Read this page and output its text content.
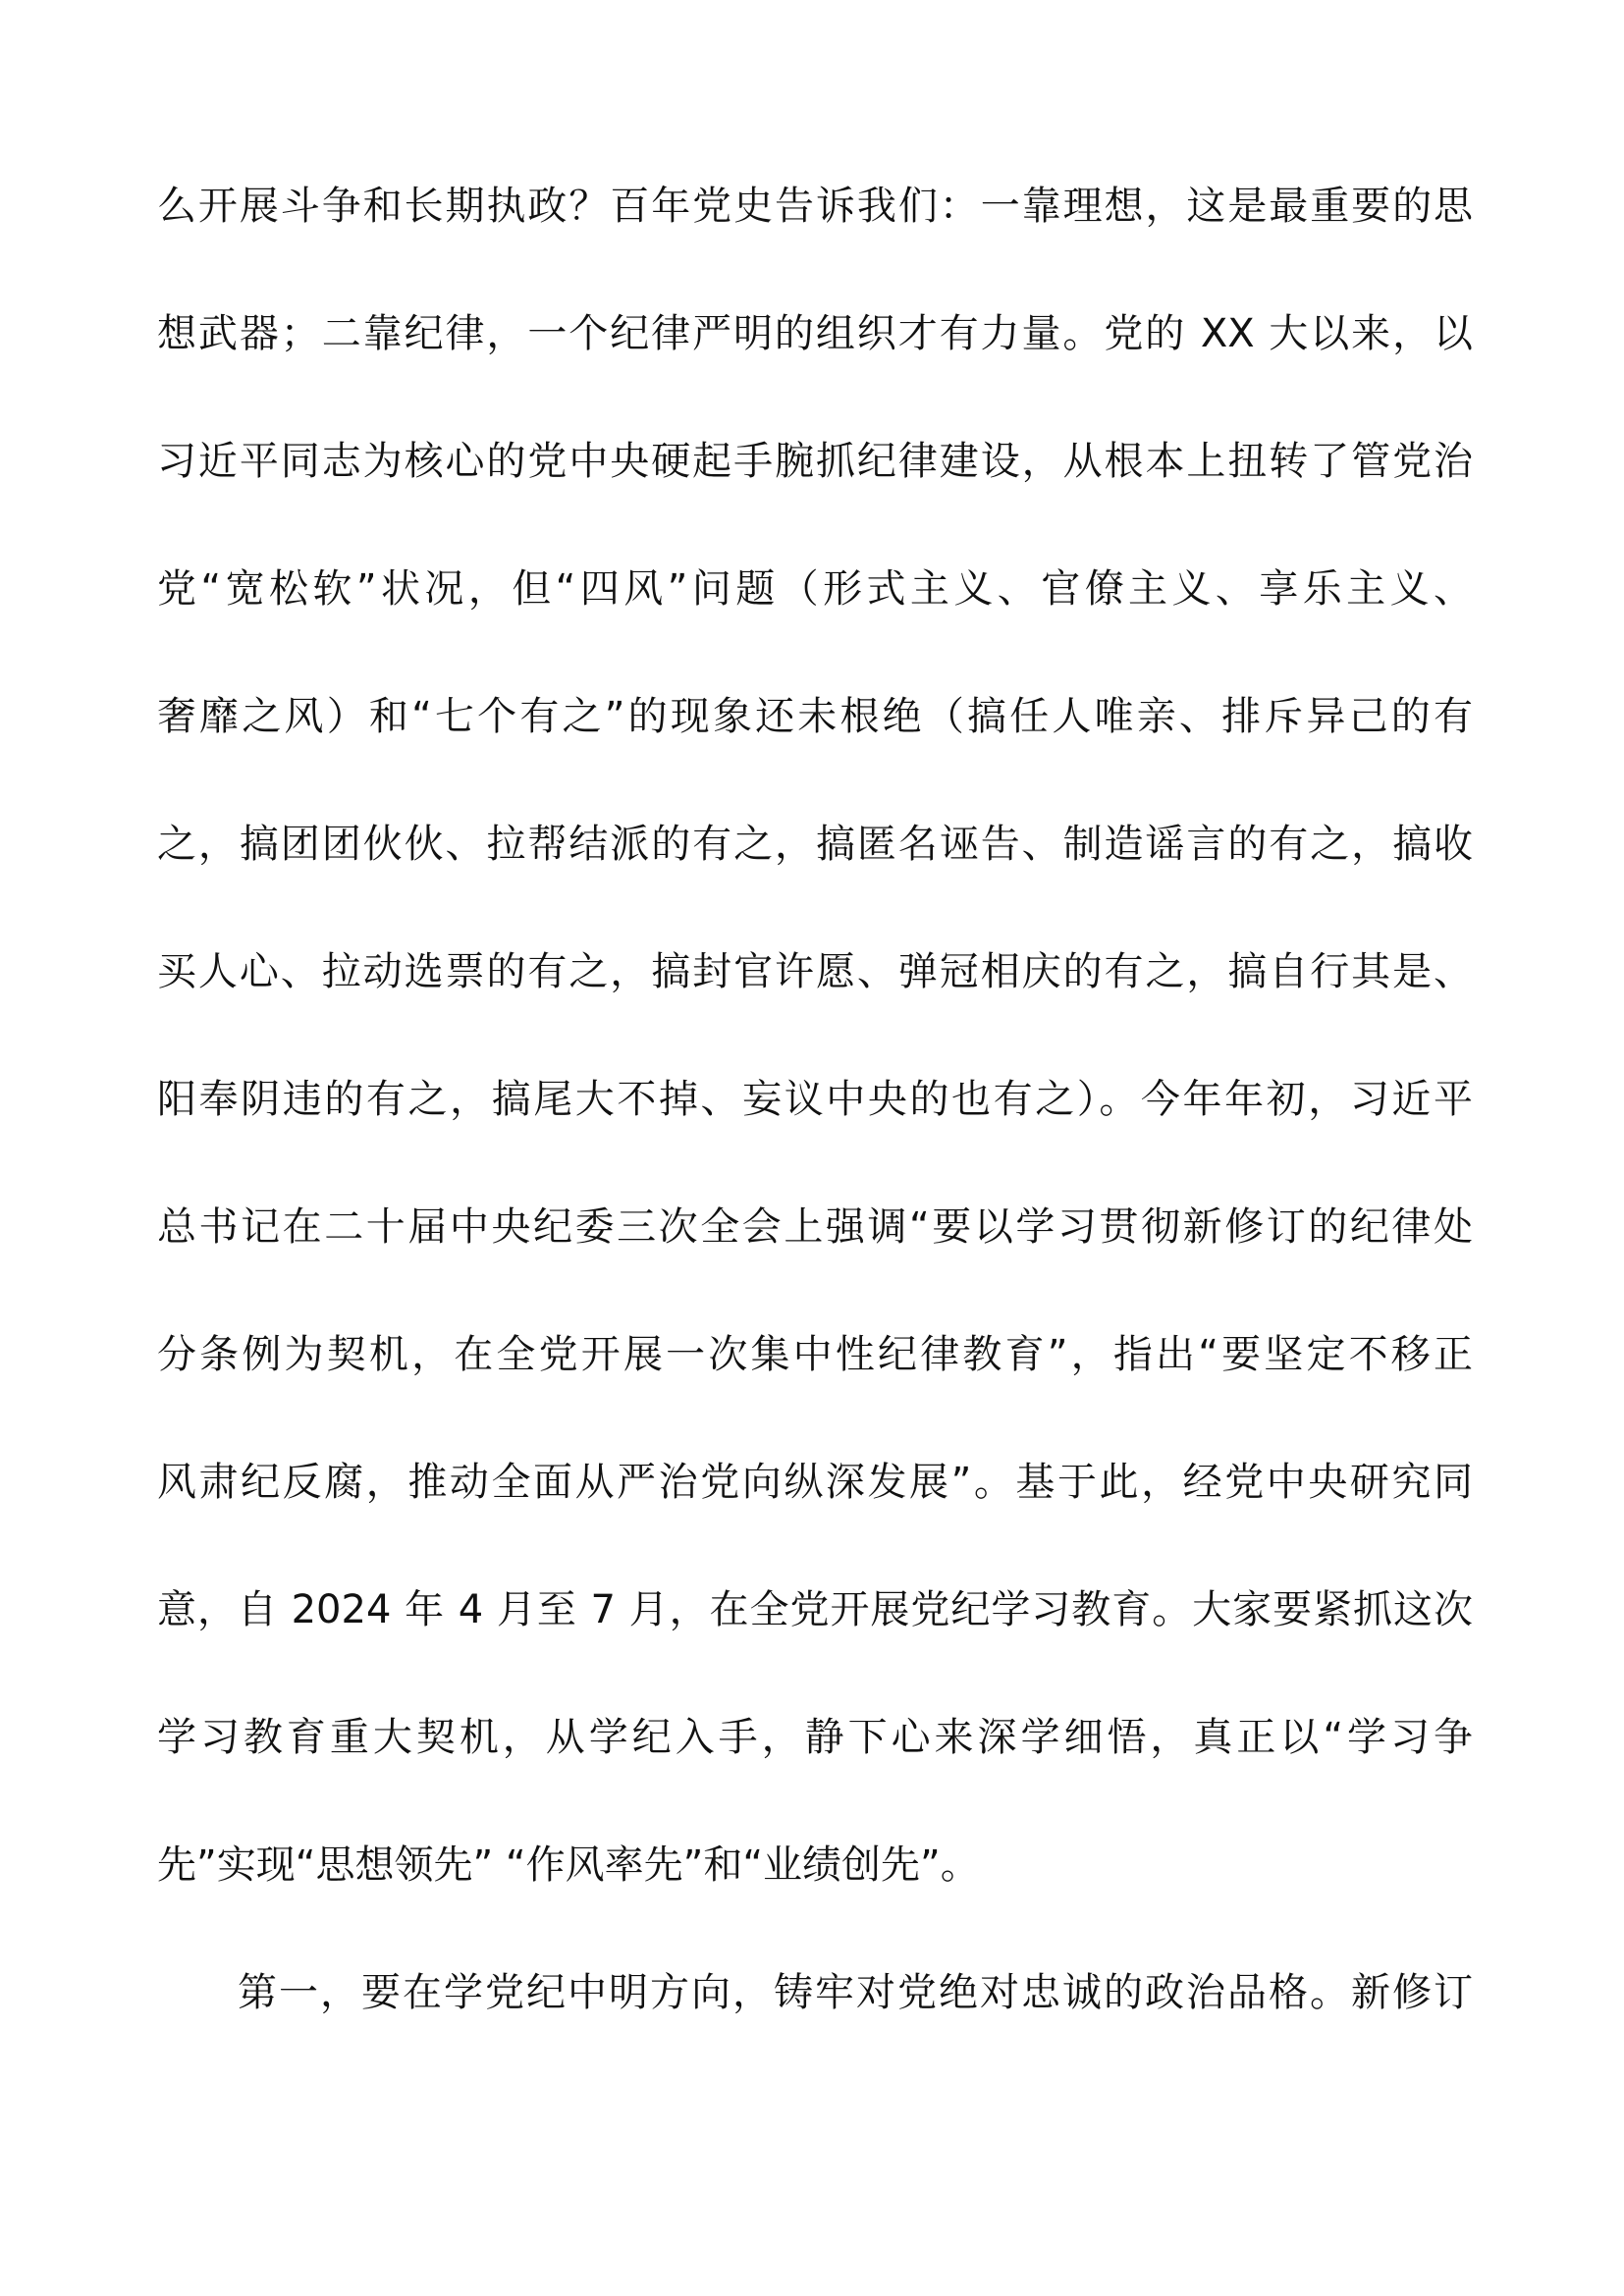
么开展斗争和长期执政？百年党史告诉我们：一靠理想，这是最重要的思
想武器；二靠纪律，一个纪律严明的组织才有力量。党的 XX 大以来，以
习近平同志为核心的党中央硬起手腕抓纪律建设，从根本上扭转了管党治
党“宽松软”状况，但“四风”问题（形式主义、官僚主义、享乐主义、
奢靡之风）和“七个有之”的现象还未根绝（搞任人唯亲、排斥异己的有
之，搞团团伙伙、拉帮结派的有之，搞匿名诬告、制造谣言的有之，搞收
买人心、拉动选票的有之，搞封官许愿、弹冠相庆的有之，搞自行其是、
阳奉阴违的有之，搞尾大不掉、妄议中央的也有之）。今年年初，习近平
总书记在二十届中央纪委三次全会上强调“要以学习贯彻新修订的纪律处
分条例为契机，在全党开展一次集中性纪律教育”，指出“要坚定不移正
风肃纪反腐，推动全面从严治党向纵深发展”。基于此，经党中央研究同
意，自 2024 年 4 月至 7 月，在全党开展党纪学习教育。大家要紧抓这次
学习教育重大契机，从学纪入手，静下心来深学细悟，真正以“学习争
先”实现“思想领先” “作风率先”和“业绩创先”。
第一，要在学党纪中明方向，铸牢对党绝对忠诚的政治品格。新修订
